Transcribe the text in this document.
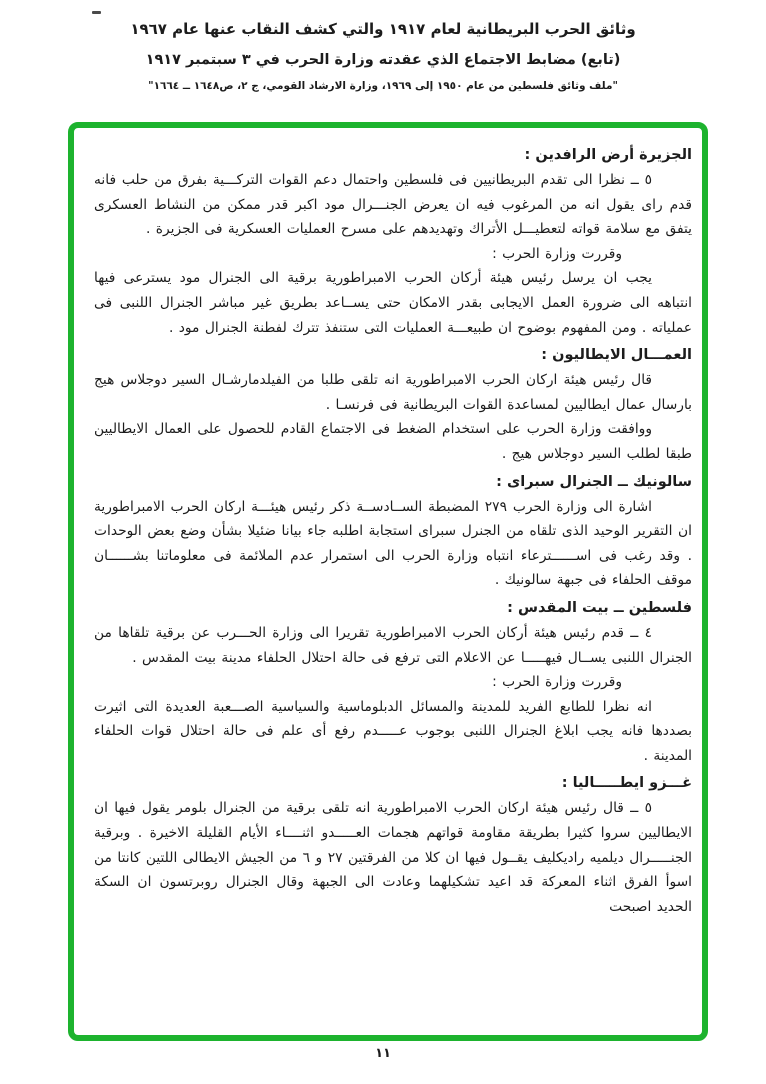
وثائق الحرب البريطانية لعام ١٩١٧ والتي كشف النقاب عنها عام ١٩٦٧

(تابع) مضابط الاجتماع الذي عقدته وزارة الحرب في ٣ سبتمبر ١٩١٧

"ملف وثائق فلسطين من عام ١٩٥٠ إلى ١٩٦٩، وزارة الارشاد القومي، ج ٢، ص١٦٤٨ ــ ١٦٦٤"

الجزيرة أرض الرافدين :

٥ ــ نظرا الى تقدم البريطانيين فى فلسطين واحتمال دعم القوات التركـــية بفرق من حلب فانه قدم راى يقول انه من المرغوب فيه ان يعرض الجنـــرال مود اكبر قدر ممكن من النشاط العسكرى يتفق مع سلامة قواته لتعطيـــل الأتراك وتهديدهم على مسرح العمليات العسكرية فى الجزيرة .

وقررت وزارة الحرب :

يجب ان يرسل رئيس هيئة أركان الحرب الامبراطورية برقية الى الجنرال مود يسترعى فيها انتباهه الى ضرورة العمل الايجابى بقدر الامكان حتى يســاعد بطريق غير مباشر الجنرال اللنبى فى عملياته . ومن المفهوم بوضوح ان طبيعـــة العمليات التى ستنفذ تترك لفطنة الجنرال مود .

العمـــال الايطاليون :

قال رئيس هيئة اركان الحرب الامبراطورية انه تلقى طلبا من الفيلدمارشـال السير دوجلاس هيج بارسال عمال ايطاليين لمساعدة القوات البريطانية فى فرنسـا .

ووافقت وزارة الحرب على استخدام الضغط فى الاجتماع القادم للحصول على العمال الايطاليين طبقا لطلب السير دوجلاس هيج .

سالونيك ــ الجنرال سبراى :

اشارة الى وزارة الحرب ٢٧٩ المضبطة الســادســة ذكر رئيس هيئـــة اركان الحرب الامبراطورية ان التقرير الوحيد الذى تلقاه من الجنرل سبراى استجابة اطلبه جاء بيانا ضئيلا بشأن وضع بعض الوحدات . وقد رغب فى اســــــترعاء انتباه وزارة الحرب الى استمرار عدم الملائمة فى معلوماتنا بشــــــان موقف الحلفاء فى جبهة سالونيك .

فلسطين ــ بيت المقدس :

٤ ــ قدم رئيس هيئة أركان الحرب الامبراطورية تقريرا الى وزارة الحـــرب عن برقية تلقاها من الجنرال اللنبى يســال فيهـــــا عن الاعلام التى ترفع فى حالة احتلال الحلفاء مدينة بيت المقدس .

وقررت وزارة الحرب :

انه نظرا للطابع الفريد للمدينة والمسائل الدبلوماسية والسياسية الصـــعبة العديدة التى اثيرت بصددها فانه يجب ابلاغ الجنرال اللنبى بوجوب عـــــدم رفع أى علم فى حالة احتلال قوات الحلفاء المدينة .

غـــزو ايطـــــاليا :

٥ ــ قال رئيس هيئة اركان الحرب الامبراطورية انه تلقى برقية من الجنرال بلومر يقول فيها ان الايطاليين سروا كثيرا بطريقة مقاومة قواتهم هجمات العـــــدو اثنــــاء الأيام القليلة الاخيرة . وبرقية الجنـــــرال ديلميه راديكليف يقــول فيها ان كلا من الفرقتين ٢٧ و ٦ من الجيش الايطالى اللتين كانتا من اسوأ الفرق اثناء المعركة قد اعيد تشكيلهما وعادت الى الجبهة وقال الجنرال روبرتسون ان السكة الحديد اصبحت

١١
